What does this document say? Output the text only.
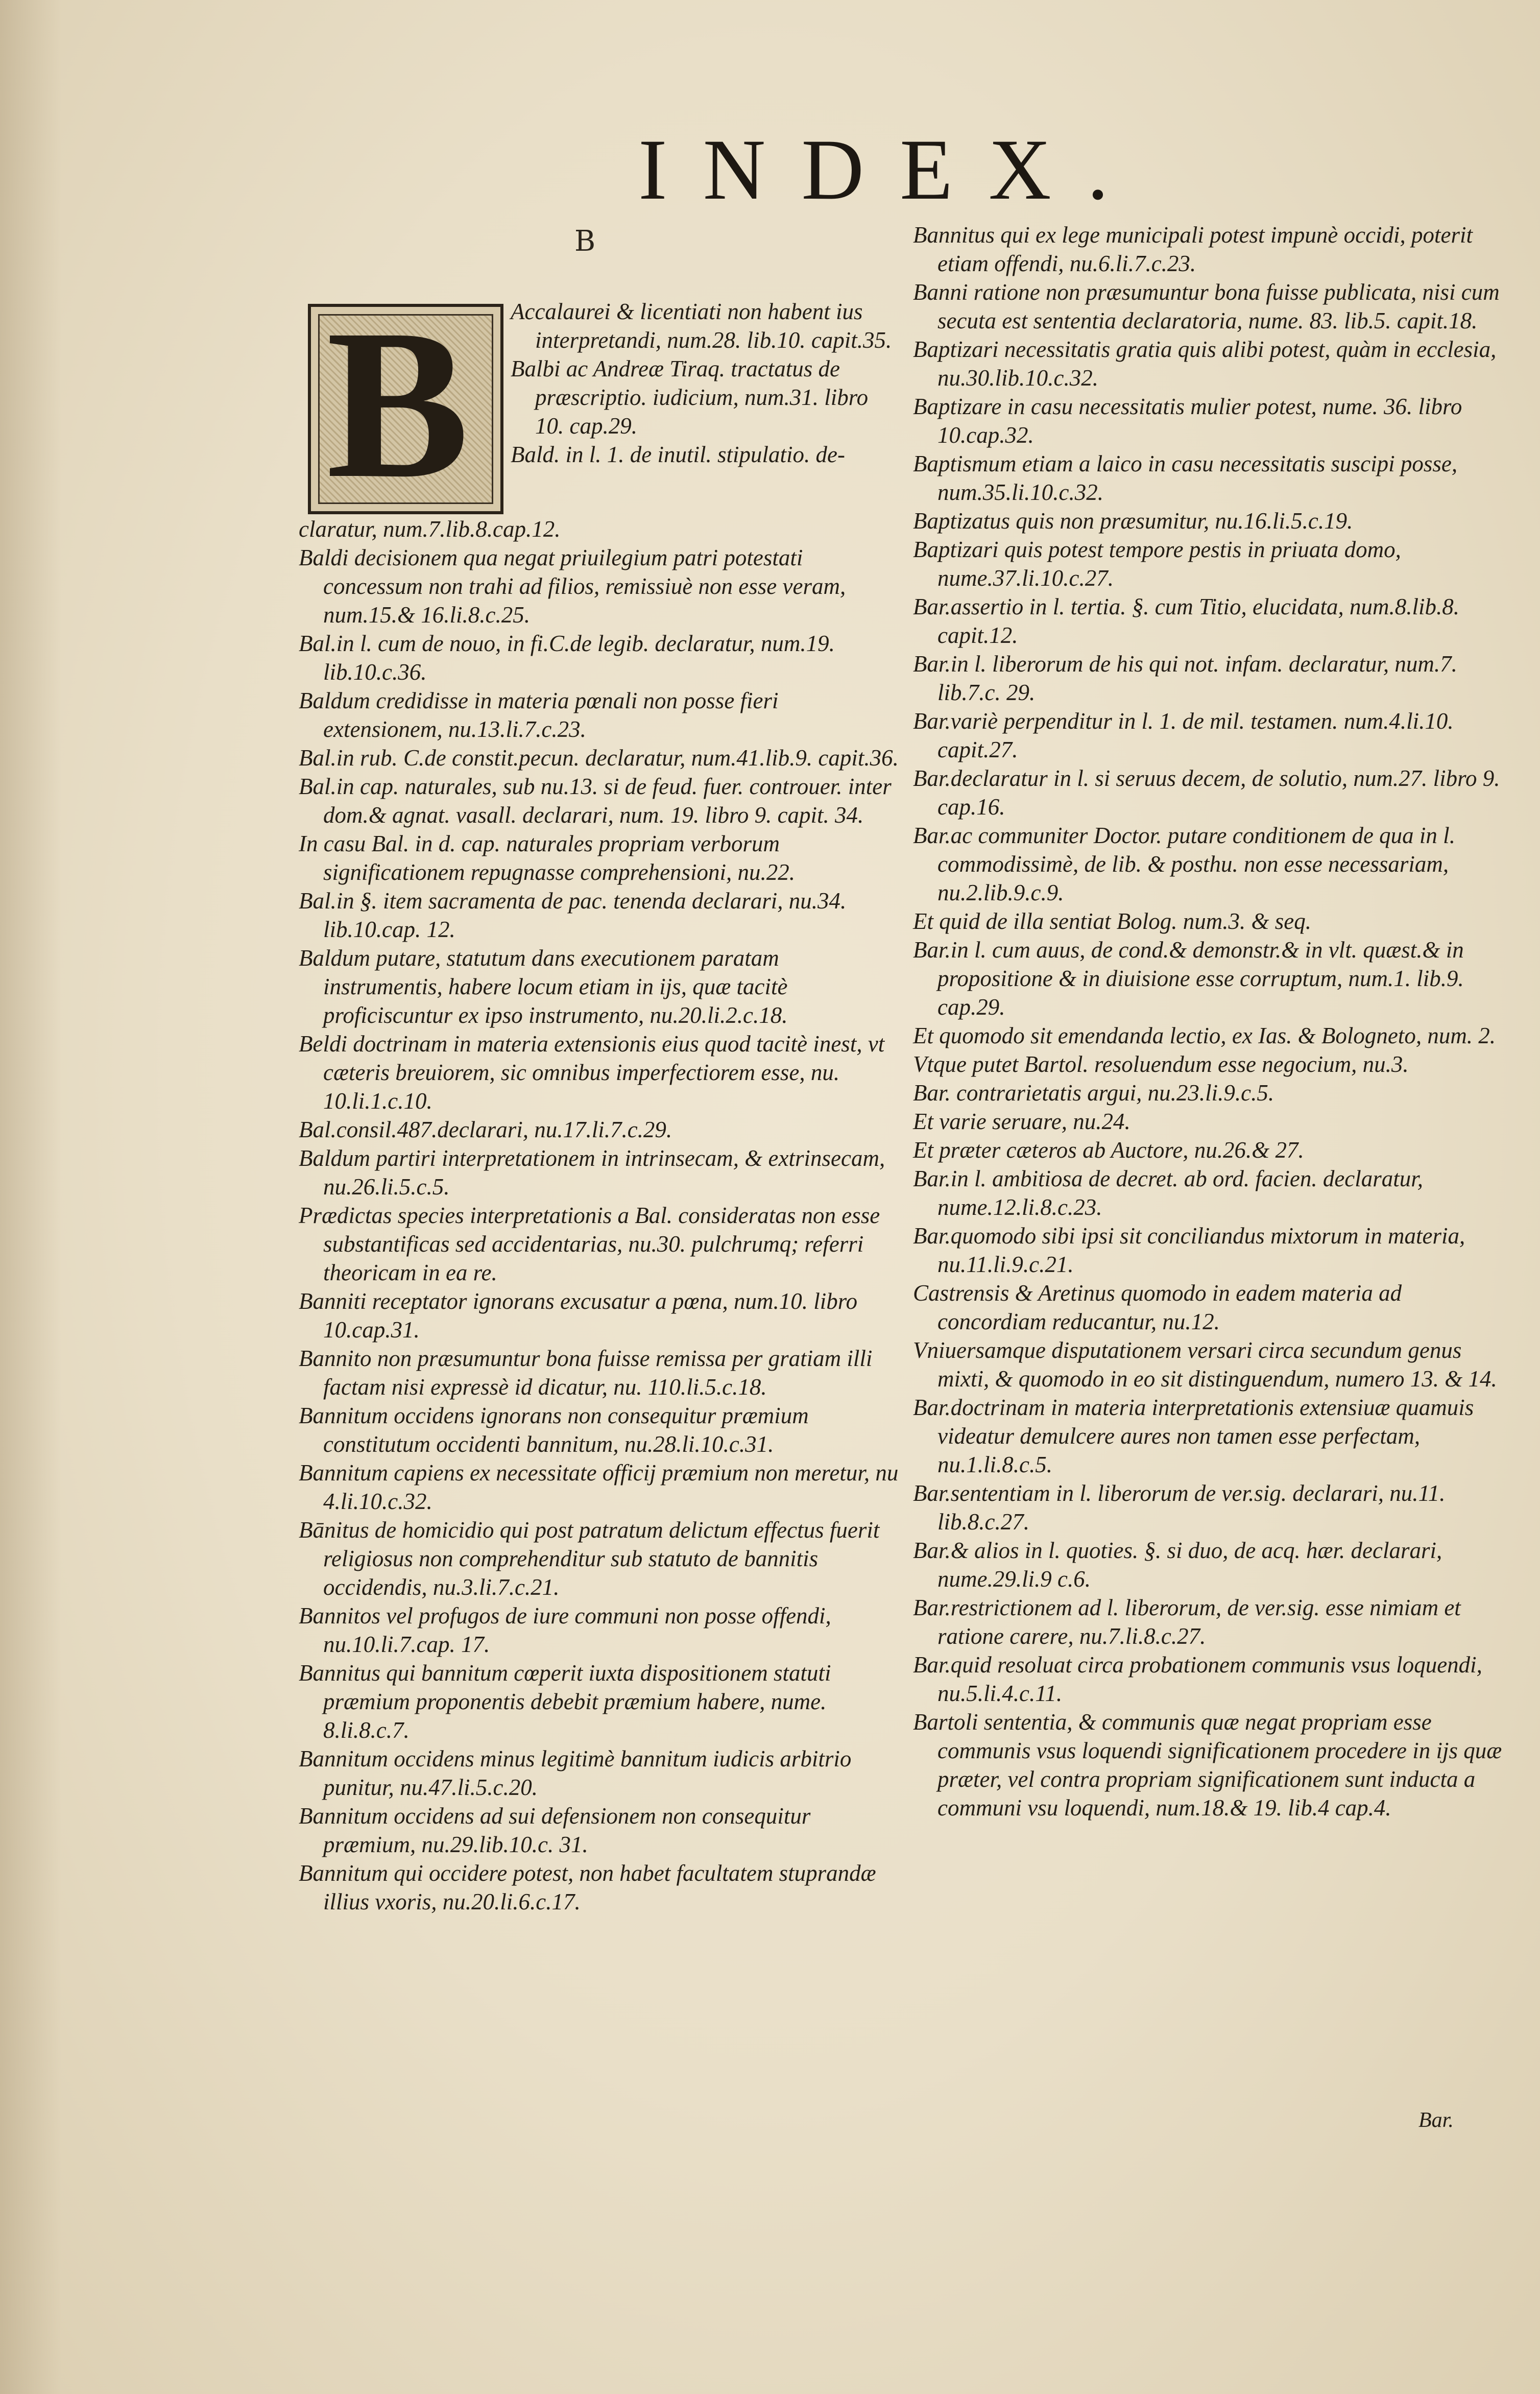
INDEX.
B
B Accalaurei & licentiati non habent ius interpretandi, num.28. lib.10. capit.35.

Balbi ac Andreæ Tiraq. tractatus de præscriptio. iudicium, num.31. libro 10. cap.29.

Bald. in l. 1. de inutil. stipulatio. de-

claratur, num.7.lib.8.cap.12.

Baldi decisionem qua negat priuilegium patri potestati concessum non trahi ad filios, remissiuè non esse veram, num.15.& 16.li.8.c.25.

Bal.in l. cum de nouo, in fi.C.de legib. declaratur, num.19. lib.10.c.36.

Baldum credidisse in materia pœnali non posse fieri extensionem, nu.13.li.7.c.23.

Bal.in rub. C.de constit.pecun. declaratur, num.41.lib.9. capit.36.

Bal.in cap. naturales, sub nu.13. si de feud. fuer. controuer. inter dom.& agnat. vasall. declarari, num. 19. libro 9. capit. 34.

In casu Bal. in d. cap. naturales propriam verborum significationem repugnasse comprehensioni, nu.22.

Bal.in §. item sacramenta de pac. tenenda declarari, nu.34. lib.10.cap. 12.

Baldum putare, statutum dans executionem paratam instrumentis, habere locum etiam in ijs, quæ tacitè proficiscuntur ex ipso instrumento, nu.20.li.2.c.18.

Beldi doctrinam in materia extensionis eius quod tacitè inest, vt cæteris breuiorem, sic omnibus imperfectiorem esse, nu. 10.li.1.c.10.

Bal.consil.487.declarari, nu.17.li.7.c.29.

Baldum partiri interpretationem in intrinsecam, & extrinsecam, nu.26.li.5.c.5.

Prædictas species interpretationis a Bal. consideratas non esse substantificas sed accidentarias, nu.30. pulchrumq; referri theoricam in ea re.

Banniti receptator ignorans excusatur a pœna, num.10. libro 10.cap.31.

Bannito non præsumuntur bona fuisse remissa per gratiam illi factam nisi expressè id dicatur, nu. 110.li.5.c.18.

Bannitum occidens ignorans non consequitur præmium constitutum occidenti bannitum, nu.28.li.10.c.31.

Bannitum capiens ex necessitate officij præmium non meretur, nu 4.li.10.c.32.

Bānitus de homicidio qui post patratum delictum effectus fuerit religiosus non comprehenditur sub statuto de bannitis occidendis, nu.3.li.7.c.21.

Bannitos vel profugos de iure communi non posse offendi, nu.10.li.7.cap. 17.

Bannitus qui bannitum cœperit iuxta dispositionem statuti præmium proponentis debebit præmium habere, nume. 8.li.8.c.7.

Bannitum occidens minus legitimè bannitum iudicis arbitrio punitur, nu.47.li.5.c.20.

Bannitum occidens ad sui defensionem non consequitur præmium, nu.29.lib.10.c. 31.

Bannitum qui occidere potest, non habet facultatem stuprandæ illius vxoris, nu.20.li.6.c.17.

Bannitus qui ex lege municipali potest impunè occidi, poterit etiam offendi, nu.6.li.7.c.23.

Banni ratione non præsumuntur bona fuisse publicata, nisi cum secuta est sententia declaratoria, nume. 83. lib.5. capit.18.

Baptizari necessitatis gratia quis alibi potest, quàm in ecclesia, nu.30.lib.10.c.32.

Baptizare in casu necessitatis mulier potest, nume. 36. libro 10.cap.32.

Baptismum etiam a laico in casu necessitatis suscipi posse, num.35.li.10.c.32.

Baptizatus quis non præsumitur, nu.16.li.5.c.19.

Baptizari quis potest tempore pestis in priuata domo, nume.37.li.10.c.27.

Bar.assertio in l. tertia. §. cum Titio, elucidata, num.8.lib.8. capit.12.

Bar.in l. liberorum de his qui not. infam. declaratur, num.7. lib.7.c. 29.

Bar.variè perpenditur in l. 1. de mil. testamen. num.4.li.10. capit.27.

Bar.declaratur in l. si seruus decem, de solutio, num.27. libro 9. cap.16.

Bar.ac communiter Doctor. putare conditionem de qua in l. commodissimè, de lib. & posthu. non esse necessariam, nu.2.lib.9.c.9.

Et quid de illa sentiat Bolog. num.3. & seq.

Bar.in l. cum auus, de cond.& demonstr.& in vlt. quæst.& in propositione & in diuisione esse corruptum, num.1. lib.9. cap.29.

Et quomodo sit emendanda lectio, ex Ias. & Bologneto, num. 2.

Vtque putet Bartol. resoluendum esse negocium, nu.3.

Bar. contrarietatis argui, nu.23.li.9.c.5.

Et varie seruare, nu.24.

Et præter cæteros ab Auctore, nu.26.& 27.

Bar.in l. ambitiosa de decret. ab ord. facien. declaratur, nume.12.li.8.c.23.

Bar.quomodo sibi ipsi sit conciliandus mixtorum in materia, nu.11.li.9.c.21.

Castrensis & Aretinus quomodo in eadem materia ad concordiam reducantur, nu.12.

Vniuersamque disputationem versari circa secundum genus mixti, & quomodo in eo sit distinguendum, numero 13. & 14.

Bar.doctrinam in materia interpretationis extensiuæ quamuis videatur demulcere aures non tamen esse perfectam, nu.1.li.8.c.5.

Bar.sententiam in l. liberorum de ver.sig. declarari, nu.11. lib.8.c.27.

Bar.& alios in l. quoties. §. si duo, de acq. hær. declarari, nume.29.li.9 c.6.

Bar.restrictionem ad l. liberorum, de ver.sig. esse nimiam et ratione carere, nu.7.li.8.c.27.

Bar.quid resoluat circa probationem communis vsus loquendi, nu.5.li.4.c.11.

Bartoli sententia, & communis quæ negat propriam esse communis vsus loquendi significationem procedere in ijs quæ præter, vel contra propriam significationem sunt inducta a communi vsu loquendi, num.18.& 19. lib.4 cap.4.

Bar.
